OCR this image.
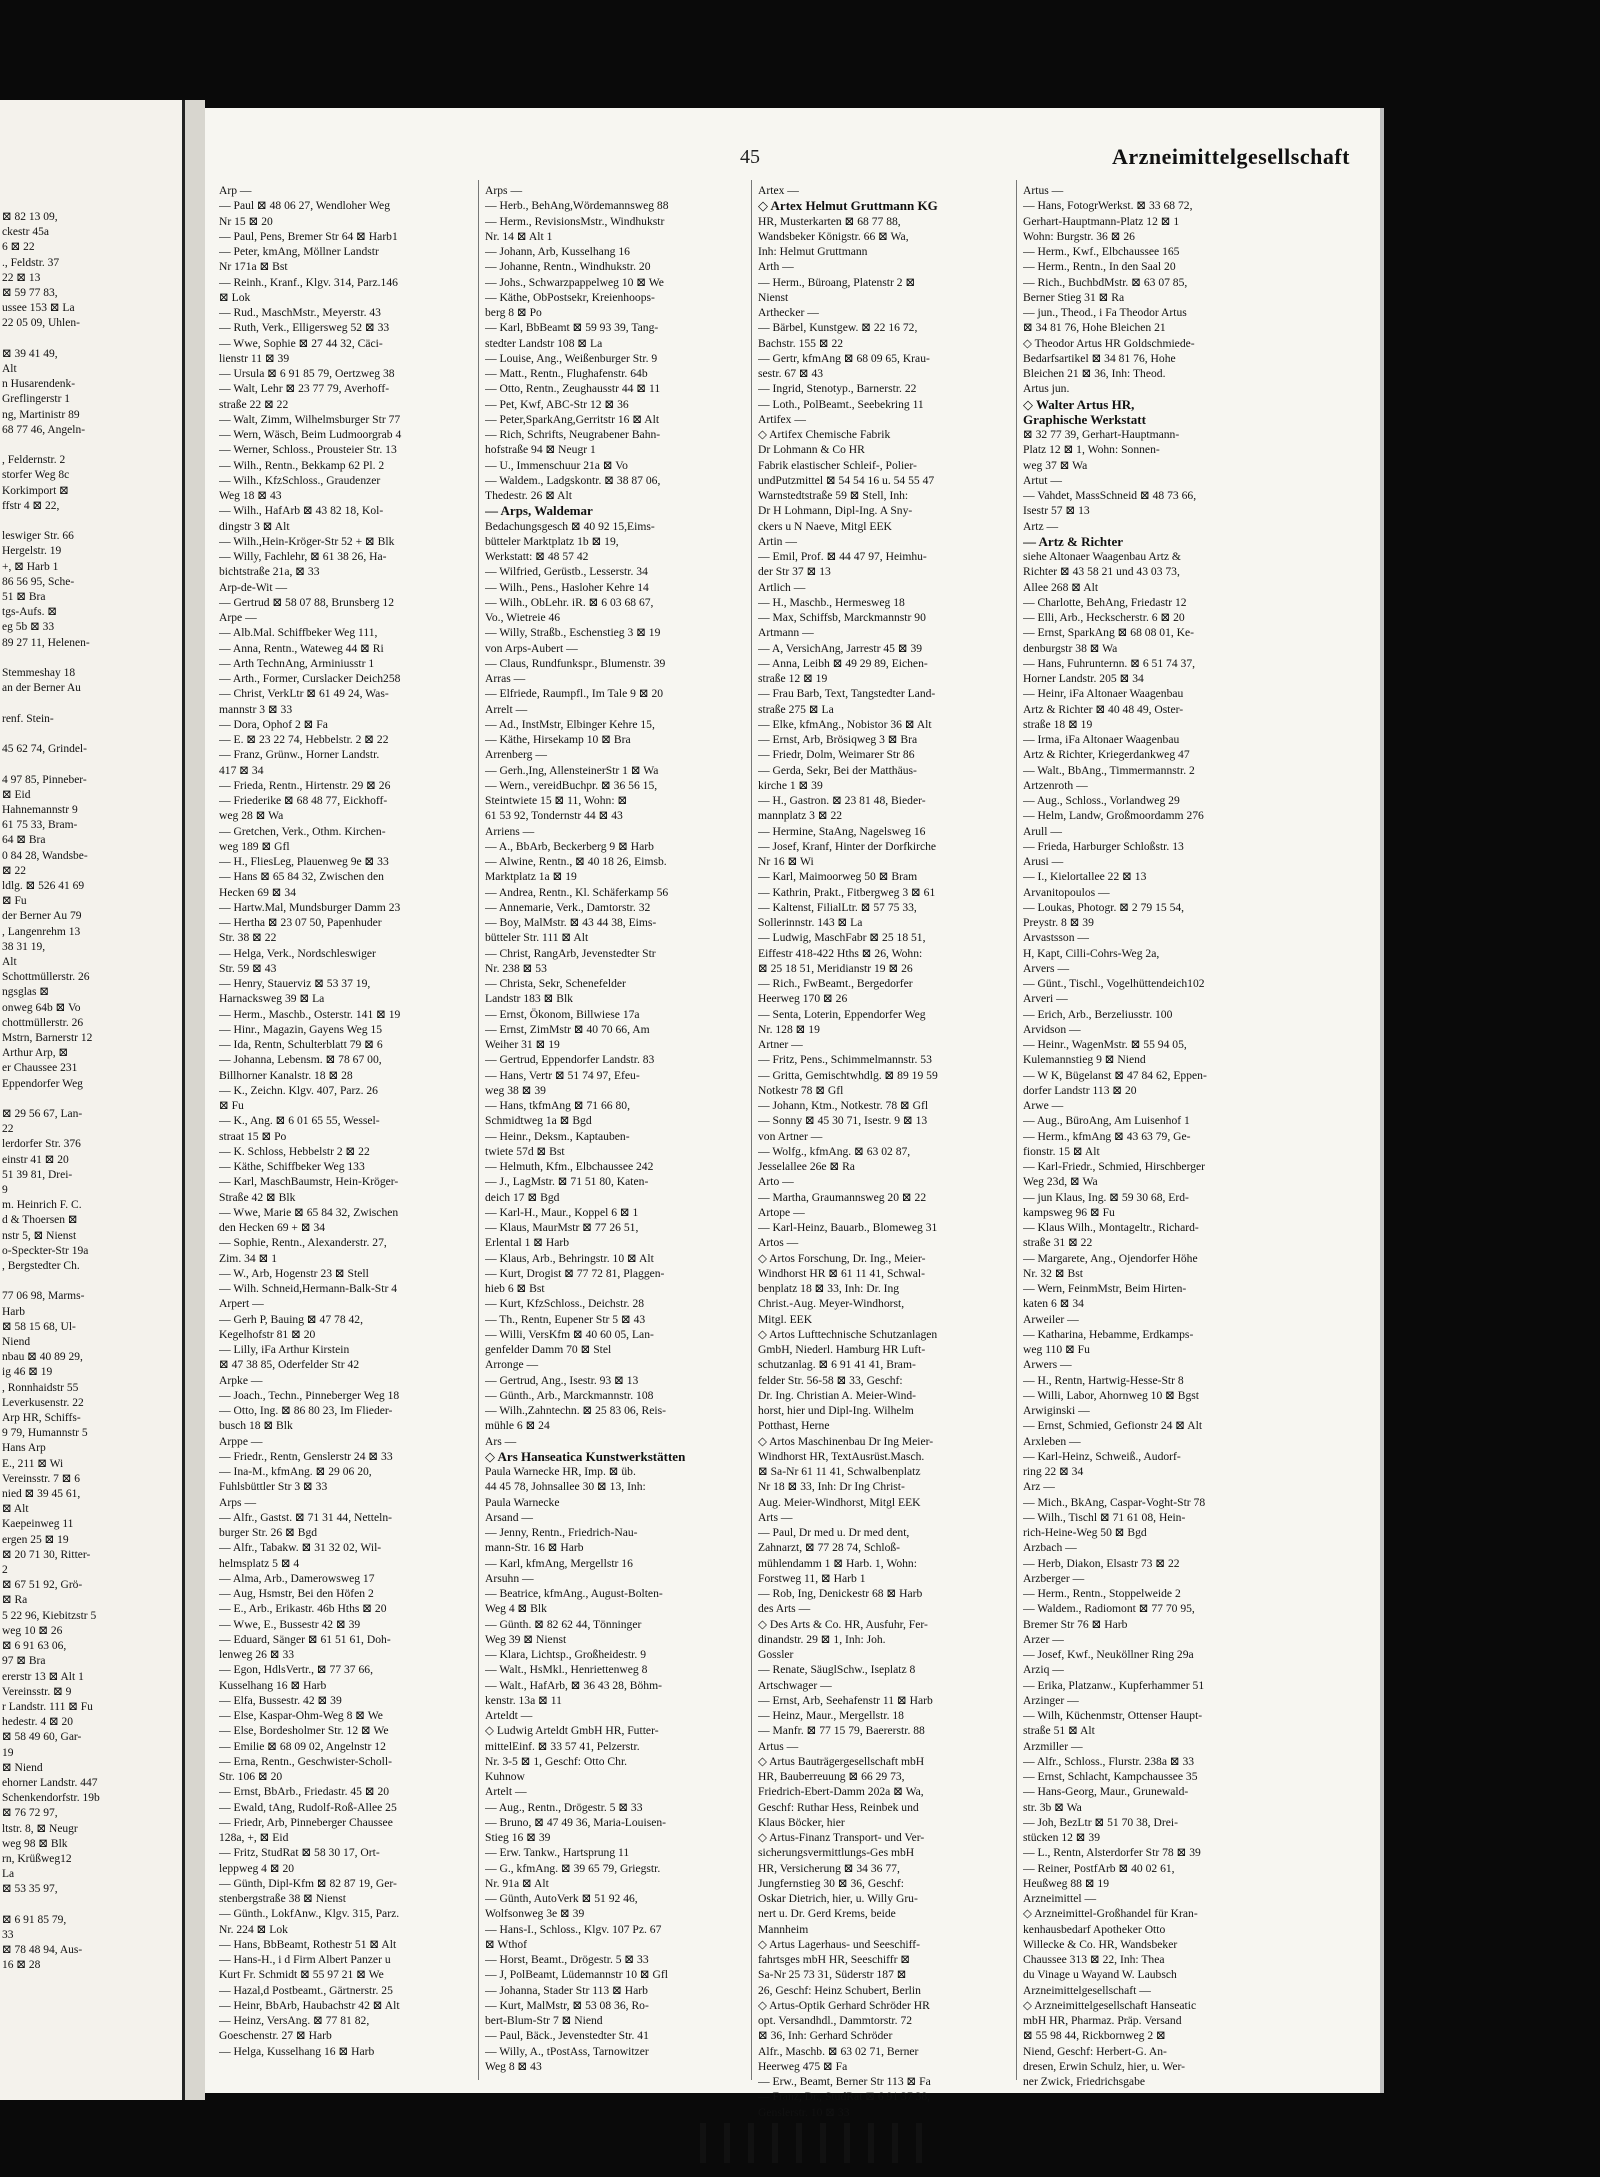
⊠ 82 13 09,
ckestr 45a
6 ⊠ 22
., Feldstr. 37
22 ⊠ 13
⊠ 59 77 83,
ussee 153 ⊠ La
22 05 09, Uhlen-

⊠ 39 41 49,
Alt
n Husarendenk-
Greflingerstr 1
ng, Martinistr 89
68 77 46, Angeln-

, Feldernstr. 2
storfer Weg 8c
Korkimport ⊠
ffstr 4 ⊠ 22,

leswiger Str. 66
Hergelstr. 19
+, ⊠ Harb 1
86 56 95, Sche-
51 ⊠ Bra
tgs-Aufs. ⊠
eg 5b ⊠ 33
89 27 11, Helenen-

Stemmeshay 18
an der Berner Au

renf. Stein-

45 62 74, Grindel-

4 97 85, Pinneber-
⊠ Eid
Hahnemannstr 9
61 75 33, Bram-
64 ⊠ Bra
0 84 28, Wandsbe-
⊠ 22
ldlg. ⊠ 526 41 69
⊠ Fu
der Berner Au 79
, Langenrehm 13
38 31 19,
Alt
Schottmüllerstr. 26
ngsglas ⊠
onweg 64b ⊠ Vo
chottmüllerstr. 26
Mstrn, Barnerstr 12
Arthur Arp, ⊠
er Chaussee 231
Eppendorfer Weg

⊠ 29 56 67, Lan-
22
lerdorfer Str. 376
einstr 41 ⊠ 20
51 39 81, Drei-
9
m. Heinrich F. C.
d & Thoersen ⊠
nstr 5, ⊠ Nienst
o-Speckter-Str 19a
, Bergstedter Ch.

77 06 98, Marms-
Harb
⊠ 58 15 68, Ul-
Niend
nbau ⊠ 40 89 29,
ig 46 ⊠ 19
, Ronnhaidstr 55
Leverkusenstr. 22
Arp HR, Schiffs-
9 79, Humannstr 5
Hans Arp
E., 211 ⊠ Wi
Vereinsstr. 7 ⊠ 6
nied ⊠ 39 45 61,
⊠ Alt
Kaepeinweg 11
ergen 25 ⊠ 19
⊠ 20 71 30, Ritter-
2
⊠ 67 51 92, Grö-
⊠ Ra
5 22 96, Kiebitzstr 5
weg 10 ⊠ 26
⊠ 6 91 63 06,
97 ⊠ Bra
ererstr 13 ⊠ Alt 1
Vereinsstr. ⊠ 9
r Landstr. 111 ⊠ Fu
hedestr. 4 ⊠ 20
⊠ 58 49 60, Gar-
19
⊠ Niend
ehorner Landstr. 447
Schenkendorfstr. 19b
⊠ 76 72 97,
ltstr. 8, ⊠ Neugr
weg 98 ⊠ Blk
rn, Krüßweg12
La
⊠ 53 35 97,

⊠ 6 91 85 79,
33
⊠ 78 48 94, Aus-
16 ⊠ 28
45	Arzneimittelgesellschaft
Arp —
— Paul ⊠ 48 06 27, Wendloher Weg
Nr 15 ⊠ 20
— Paul, Pens, Bremer Str 64 ⊠ Harb1
— Peter, kmAng, Möllner Landstr
Nr 171a ⊠ Bst
— Reinh., Kranf., Klgv. 314, Parz.146
⊠ Lok
— Rud., MaschMstr., Meyerstr. 43
— Ruth, Verk., Elligersweg 52 ⊠ 33
— Wwe, Sophie ⊠ 27 44 32, Cäci-
lienstr 11 ⊠ 39
— Ursula ⊠ 6 91 85 79, Oertzweg 38
— Walt, Lehr ⊠ 23 77 79, Averhoff-
straße 22 ⊠ 22
— Walt, Zimm, Wilhelmsburger Str 77
— Wern, Wäsch, Beim Ludmoorgrab 4
— Werner, Schloss., Prousteier Str. 13
— Wilh., Rentn., Bekkamp 62 Pl. 2
— Wilh., KfzSchloss., Graudenzer
Weg 18 ⊠ 43
— Wilh., HafArb ⊠ 43 82 18, Kol-
dingstr 3 ⊠ Alt
— Wilh.,Hein-Kröger-Str 52 + ⊠ Blk
— Willy, Fachlehr, ⊠ 61 38 26, Ha-
bichtstraße 21a, ⊠ 33
Arp-de-Wit —
— Gertrud ⊠ 58 07 88, Brunsberg 12
Arpe —
— Alb.Mal. Schiffbeker Weg 111,
— Anna, Rentn., Wateweg 44 ⊠ Ri
— Arth TechnAng, Arminiusstr 1
— Arth., Former, Curslacker Deich258
— Christ, VerkLtr ⊠ 61 49 24, Was-
mannstr 3 ⊠ 33
— Dora, Ophof 2 ⊠ Fa
— E. ⊠ 23 22 74, Hebbelstr. 2 ⊠ 22
— Franz, Grünw., Horner Landstr.
417 ⊠ 34
— Frieda, Rentn., Hirtenstr. 29 ⊠ 26
— Friederike ⊠ 68 48 77, Eickhoff-
weg 28 ⊠ Wa
— Gretchen, Verk., Othm. Kirchen-
weg 189 ⊠ Gfl
— H., FliesLeg, Plauenweg 9e ⊠ 33
— Hans ⊠ 65 84 32, Zwischen den
Hecken 69 ⊠ 34
— Hartw.Mal, Mundsburger Damm 23
— Hertha ⊠ 23 07 50, Papenhuder
Str. 38 ⊠ 22
— Helga, Verk., Nordschleswiger
Str. 59 ⊠ 43
— Henry, Stauerviz ⊠ 53 37 19,
Harnacksweg 39 ⊠ La
— Herm., Maschb., Osterstr. 141 ⊠ 19
— Hinr., Magazin, Gayens Weg 15
— Ida, Rentn, Schulterblatt 79 ⊠ 6
— Johanna, Lebensm. ⊠ 78 67 00,
Billhorner Kanalstr. 18 ⊠ 28
— K., Zeichn. Klgv. 407, Parz. 26
⊠ Fu
— K., Ang. ⊠ 6 01 65 55, Wessel-
straat 15 ⊠ Po
— K. Schloss, Hebbelstr 2 ⊠ 22
— Käthe, Schiffbeker Weg 133
— Karl, MaschBaumstr, Hein-Kröger-
Straße 42 ⊠ Blk
— Wwe, Marie ⊠ 65 84 32, Zwischen
den Hecken 69 + ⊠ 34
— Sophie, Rentn., Alexanderstr. 27,
Zim. 34 ⊠ 1
— W., Arb, Hogenstr 23 ⊠ Stell
— Wilh. Schneid,Hermann-Balk-Str 4
Arpert —
— Gerh P, Bauing ⊠ 47 78 42,
Kegelhofstr 81 ⊠ 20
— Lilly, iFa Arthur Kirstein
⊠ 47 38 85, Oderfelder Str 42
Arpke —
— Joach., Techn., Pinneberger Weg 18
— Otto, Ing. ⊠ 86 80 23, Im Flieder-
busch 18 ⊠ Blk
Arppe —
— Friedr., Rentn, Genslerstr 24 ⊠ 33
— Ina-M., kfmAng. ⊠ 29 06 20,
Fuhlsbüttler Str 3 ⊠ 33
Arps —
— Alfr., Gastst. ⊠ 71 31 44, Netteln-
burger Str. 26 ⊠ Bgd
— Alfr., Tabakw. ⊠ 31 32 02, Wil-
helmsplatz 5 ⊠ 4
— Alma, Arb., Damerowsweg 17
— Aug, Hsmstr, Bei den Höfen 2
— E., Arb., Erikastr. 46b Hths ⊠ 20
— Wwe, E., Bussestr 42 ⊠ 39
— Eduard, Sänger ⊠ 61 51 61, Doh-
lenweg 26 ⊠ 33
— Egon, HdlsVertr., ⊠ 77 37 66,
Kusselhang 16 ⊠ Harb
— Elfa, Bussestr. 42 ⊠ 39
— Else, Kaspar-Ohm-Weg 8 ⊠ We
— Else, Bordesholmer Str. 12 ⊠ We
— Emilie ⊠ 68 09 02, Angelnstr 12
— Erna, Rentn., Geschwister-Scholl-
Str. 106 ⊠ 20
— Ernst, BbArb., Friedastr. 45 ⊠ 20
— Ewald, tAng, Rudolf-Roß-Allee 25
— Friedr, Arb, Pinneberger Chaussee
128a, +, ⊠ Eid
— Fritz, StudRat ⊠ 58 30 17, Ort-
leppweg 4 ⊠ 20
— Günth, Dipl-Kfm ⊠ 82 87 19, Ger-
stenbergstraße 38 ⊠ Nienst
— Günth., LokfAnw., Klgv. 315, Parz.
Nr. 224 ⊠ Lok
— Hans, BbBeamt, Rothestr 51 ⊠ Alt
— Hans-H., i d Firm Albert Panzer u
Kurt Fr. Schmidt ⊠ 55 97 21 ⊠ We
— Hazal,d Postbeamt., Gärtnerstr. 25
— Heinr, BbArb, Haubachstr 42 ⊠ Alt
— Heinz, VersAng. ⊠ 77 81 82,
Goeschenstr. 27 ⊠ Harb
— Helga, Kusselhang 16 ⊠ Harb
Arps —
— Herb., BehAng,Wördemannsweg 88
— Herm., RevisionsMstr., Windhukstr
Nr. 14 ⊠ Alt 1
— Johann, Arb, Kusselhang 16
— Johanne, Rentn., Windhukstr. 20
— Johs., Schwarzpappelweg 10 ⊠ We
— Käthe, ObPostsekr, Kreienhoops-
berg 8 ⊠ Po
— Karl, BbBeamt ⊠ 59 93 39, Tang-
stedter Landstr 108 ⊠ La
— Louise, Ang., Weißenburger Str. 9
— Matt., Rentn., Flughafenstr. 64b
— Otto, Rentn., Zeughausstr 44 ⊠ 11
— Pet, Kwf, ABC-Str 12 ⊠ 36
— Peter,SparkAng,Gerritstr 16 ⊠ Alt
— Rich, Schrifts, Neugrabener Bahn-
hofstraße 94 ⊠ Neugr 1
— U., Immenschuur 21a ⊠ Vo
— Waldem., Ladgskontr. ⊠ 38 87 06,
Thedestr. 26 ⊠ Alt
— Arps, Waldemar
Bedachungsgesch ⊠ 40 92 15,Eims-
bütteler Marktplatz 1b ⊠ 19,
Werkstatt: ⊠ 48 57 42
— Wilfried, Gerüstb., Lesserstr. 34
— Wilh., Pens., Hasloher Kehre 14
— Wilh., ObLehr. iR. ⊠ 6 03 68 67,
Vo., Wietreie 46
— Willy, Straßb., Eschenstieg 3 ⊠ 19
von Arps-Aubert —
— Claus, Rundfunkspr., Blumenstr. 39
Arras —
— Elfriede, Raumpfl., Im Tale 9 ⊠ 20
Arrelt —
— Ad., InstMstr, Elbinger Kehre 15,
— Käthe, Hirsekamp 10 ⊠ Bra
Arrenberg —
— Gerh.,Ing, AllensteinerStr 1 ⊠ Wa
— Wern., vereidBuchpr. ⊠ 36 56 15,
Steintwiete 15 ⊠ 11, Wohn: ⊠
61 53 92, Tondernstr 44 ⊠ 43
Arriens —
— A., BbArb, Beckerberg 9 ⊠ Harb
— Alwine, Rentn., ⊠ 40 18 26, Eimsb.
Marktplatz 1a ⊠ 19
— Andrea, Rentn., Kl. Schäferkamp 56
— Annemarie, Verk., Damtorstr. 32
— Boy, MalMstr. ⊠ 43 44 38, Eims-
bütteler Str. 111 ⊠ Alt
— Christ, RangArb, Jevenstedter Str
Nr. 238 ⊠ 53
— Christa, Sekr, Schenefelder
Landstr 183 ⊠ Blk
— Ernst, Ökonom, Billwiese 17a
— Ernst, ZimMstr ⊠ 40 70 66, Am
Weiher 31 ⊠ 19
— Gertrud, Eppendorfer Landstr. 83
— Hans, Vertr ⊠ 51 74 97, Efeu-
weg 38 ⊠ 39
— Hans, tkfmAng ⊠ 71 66 80,
Schmidtweg 1a ⊠ Bgd
— Heinr., Deksm., Kaptauben-
twiete 57d ⊠ Bst
— Helmuth, Kfm., Elbchaussee 242
— J., LagMstr. ⊠ 71 51 80, Katen-
deich 17 ⊠ Bgd
— Karl-H., Maur., Koppel 6 ⊠ 1
— Klaus, MaurMstr ⊠ 77 26 51,
Erlental 1 ⊠ Harb
— Klaus, Arb., Behringstr. 10 ⊠ Alt
— Kurt, Drogist ⊠ 77 72 81, Plaggen-
hieb 6 ⊠ Bst
— Kurt, KfzSchloss., Deichstr. 28
— Th., Rentn, Eupener Str 5 ⊠ 43
— Willi, VersKfm ⊠ 40 60 05, Lan-
genfelder Damm 70 ⊠ Stel
Arronge —
— Gertrud, Ang., Isestr. 93 ⊠ 13
— Günth., Arb., Marckmannstr. 108
— Wilh.,Zahntechn. ⊠ 25 83 06, Reis-
mühle 6 ⊠ 24
Ars —
◇ Ars Hanseatica Kunstwerkstätten
Paula Warnecke HR, Imp. ⊠ üb.
44 45 78, Johnsallee 30 ⊠ 13, Inh:
Paula Warnecke
Arsand —
— Jenny, Rentn., Friedrich-Nau-
mann-Str. 16 ⊠ Harb
— Karl, kfmAng, Mergellstr 16
Arsuhn —
— Beatrice, kfmAng., August-Bolten-
Weg 4 ⊠ Blk
— Günth. ⊠ 82 62 44, Tönninger
Weg 39 ⊠ Nienst
— Klara, Lichtsp., Großheidestr. 9
— Walt., HsMkl., Henriettenweg 8
— Walt., HafArb, ⊠ 36 43 28, Böhm-
kenstr. 13a ⊠ 11
Arteldt —
◇ Ludwig Arteldt GmbH HR, Futter-
mittelEinf. ⊠ 33 57 41, Pelzerstr.
Nr. 3-5 ⊠ 1, Geschf: Otto Chr.
Kuhnow
Artelt —
— Aug., Rentn., Drögestr. 5 ⊠ 33
— Bruno, ⊠ 47 49 36, Maria-Louisen-
Stieg 16 ⊠ 39
— Erw. Tankw., Hartsprung 11
— G., kfmAng. ⊠ 39 65 79, Griegstr.
Nr. 91a ⊠ Alt
— Günth, AutoVerk ⊠ 51 92 46,
Wolfsonweg 3e ⊠ 39
— Hans-I., Schloss., Klgv. 107 Pz. 67
⊠ Wthof
— Horst, Beamt., Drögestr. 5 ⊠ 33
— J, PolBeamt, Lüdemannstr 10 ⊠ Gfl
— Johanna, Stader Str 113 ⊠ Harb
— Kurt, MalMstr, ⊠ 53 08 36, Ro-
bert-Blum-Str 7 ⊠ Niend
— Paul, Bäck., Jevenstedter Str. 41
— Willy, A., tPostAss, Tarnowitzer
Weg 8 ⊠ 43
Artex —
◇ Artex Helmut Gruttmann KG
HR, Musterkarten ⊠ 68 77 88,
Wandsbeker Königstr. 66 ⊠ Wa,
Inh: Helmut Gruttmann
Arth —
— Herm., Büroang, Platenstr 2 ⊠
Nienst
Arthecker —
— Bärbel, Kunstgew. ⊠ 22 16 72,
Bachstr. 155 ⊠ 22
— Gertr, kfmAng ⊠ 68 09 65, Krau-
sestr. 67 ⊠ 43
— Ingrid, Stenotyp., Barnerstr. 22
— Loth., PolBeamt., Seebekring 11
Artifex —
◇ Artifex Chemische Fabrik
Dr Lohmann & Co HR
Fabrik elastischer Schleif-, Polier-
undPutzmittel ⊠ 54 54 16 u. 54 55 47
Warnstedtstraße 59 ⊠ Stell, Inh:
Dr H Lohmann, Dipl-Ing. A Sny-
ckers u N Naeve, Mitgl EEK
Artin —
— Emil, Prof. ⊠ 44 47 97, Heimhu-
der Str 37 ⊠ 13
Artlich —
— H., Maschb., Hermesweg 18
— Max, Schiffsb, Marckmannstr 90
Artmann —
— A, VersichAng, Jarrestr 45 ⊠ 39
— Anna, Leibh ⊠ 49 29 89, Eichen-
straße 12 ⊠ 19
— Frau Barb, Text, Tangstedter Land-
straße 275 ⊠ La
— Elke, kfmAng., Nobistor 36 ⊠ Alt
— Ernst, Arb, Brösiqweg 3 ⊠ Bra
— Friedr, Dolm, Weimarer Str 86
— Gerda, Sekr, Bei der Matthäus-
kirche 1 ⊠ 39
— H., Gastron. ⊠ 23 81 48, Bieder-
mannplatz 3 ⊠ 22
— Hermine, StaAng, Nagelsweg 16
— Josef, Kranf, Hinter der Dorfkirche
Nr 16 ⊠ Wi
— Karl, Maimoorweg 50 ⊠ Bram
— Kathrin, Prakt., Fitbergweg 3 ⊠ 61
— Kaltenst, FilialLtr. ⊠ 57 75 33,
Sollerinnstr. 143 ⊠ La
— Ludwig, MaschFabr ⊠ 25 18 51,
Eiffestr 418-422 Hths ⊠ 26, Wohn:
⊠ 25 18 51, Meridianstr 19 ⊠ 26
— Rich., FwBeamt., Bergedorfer
Heerweg 170 ⊠ 26
— Senta, Loterin, Eppendorfer Weg
Nr. 128 ⊠ 19
Artner —
— Fritz, Pens., Schimmelmannstr. 53
— Gritta, Gemischtwhdlg. ⊠ 89 19 59
Notkestr 78 ⊠ Gfl
— Johann, Ktm., Notkestr. 78 ⊠ Gfl
— Sonny ⊠ 45 30 71, Isestr. 9 ⊠ 13
von Artner —
— Wolfg., kfmAng. ⊠ 63 02 87,
Jesselallee 26e ⊠ Ra
Arto —
— Martha, Graumannsweg 20 ⊠ 22
Artope —
— Karl-Heinz, Bauarb., Blomeweg 31
Artos —
◇ Artos Forschung, Dr. Ing., Meier-
Windhorst HR ⊠ 61 11 41, Schwal-
benplatz 18 ⊠ 33, Inh: Dr. Ing
Christ.-Aug. Meyer-Windhorst,
Mitgl. EEK
◇ Artos Lufttechnische Schutzanlagen
GmbH, Niederl. Hamburg HR Luft-
schutzanlag. ⊠ 6 91 41 41, Bram-
felder Str. 56-58 ⊠ 33, Geschf:
Dr. Ing. Christian A. Meier-Wind-
horst, hier und Dipl-Ing. Wilhelm
Potthast, Herne
◇ Artos Maschinenbau Dr Ing Meier-
Windhorst HR, TextAusrüst.Masch.
⊠ Sa-Nr 61 11 41, Schwalbenplatz
Nr 18 ⊠ 33, Inh: Dr Ing Christ-
Aug. Meier-Windhorst, Mitgl EEK
Arts —
— Paul, Dr med u. Dr med dent,
Zahnarzt, ⊠ 77 28 74, Schloß-
mühlendamm 1 ⊠ Harb. 1, Wohn:
Forstweg 11, ⊠ Harb 1
— Rob, Ing, Denickestr 68 ⊠ Harb
des Arts —
◇ Des Arts & Co. HR, Ausfuhr, Fer-
dinandstr. 29 ⊠ 1, Inh: Joh.
Gossler
— Renate, SäuglSchw., Iseplatz 8
Artschwager —
— Ernst, Arb, Seehafenstr 11 ⊠ Harb
— Heinz, Maur., Mergellstr. 18
— Manfr. ⊠ 77 15 79, Baererstr. 88
Artus —
◇ Artus Bauträgergesellschaft mbH
HR, Bauberreuung ⊠ 66 29 73,
Friedrich-Ebert-Damm 202a ⊠ Wa,
Geschf: Ruthar Hess, Reinbek und
Klaus Böcker, hier
◇ Artus-Finanz Transport- und Ver-
sicherungsvermittlungs-Ges mbH
HR, Versicherung ⊠ 34 36 77,
Jungfernstieg 30 ⊠ 36, Geschf:
Oskar Dietrich, hier, u. Willy Gru-
nert u. Dr. Gerd Krems, beide
Mannheim
◇ Artus Lagerhaus- und Seeschiff-
fahrtsges mbH HR, Seeschiffr ⊠
Sa-Nr 25 73 31, Süderstr 187 ⊠
26, Geschf: Heinz Schubert, Berlin
◇ Artus-Optik Gerhard Schröder HR
opt. Versandhdl., Dammtorstr. 72
⊠ 36, Inh: Gerhard Schröder
Alfr., Maschb. ⊠ 63 02 71, Berner
Heerweg 475 ⊠ Fa
— Erw., Beamt, Berner Str 113 ⊠ Fa
— Franz, Dr., StudRat ⊠ 6 91 37 38,
Genslerstr. 10 ⊠ 33
Artus —
— Hans, FotogrWerkst. ⊠ 33 68 72,
Gerhart-Hauptmann-Platz 12 ⊠ 1
Wohn: Burgstr. 36 ⊠ 26
— Herm., Kwf., Elbchaussee 165
— Herm., Rentn., In den Saal 20
— Rich., BuchbdMstr. ⊠ 63 07 85,
Berner Stieg 31 ⊠ Ra
— jun., Theod., i Fa Theodor Artus
⊠ 34 81 76, Hohe Bleichen 21
◇ Theodor Artus HR Goldschmiede-
Bedarfsartikel ⊠ 34 81 76, Hohe
Bleichen 21 ⊠ 36, Inh: Theod.
Artus jun.
◇ Walter Artus HR,
Graphische Werkstatt
⊠ 32 77 39, Gerhart-Hauptmann-
Platz 12 ⊠ 1, Wohn: Sonnen-
weg 37 ⊠ Wa
Artut —
— Vahdet, MassSchneid ⊠ 48 73 66,
Isestr 57 ⊠ 13
Artz —
— Artz & Richter
siehe Altonaer Waagenbau Artz &
Richter ⊠ 43 58 21 und 43 03 73,
Allee 268 ⊠ Alt
— Charlotte, BehAng, Friedastr 12
— Elli, Arb., Heckscherstr. 6 ⊠ 20
— Ernst, SparkAng ⊠ 68 08 01, Ke-
denburgstr 38 ⊠ Wa
— Hans, Fuhrunternn. ⊠ 6 51 74 37,
Horner Landstr. 205 ⊠ 34
— Heinr, iFa Altonaer Waagenbau
Artz & Richter ⊠ 40 48 49, Oster-
straße 18 ⊠ 19
— Irma, iFa Altonaer Waagenbau
Artz & Richter, Kriegerdankweg 47
— Walt., BbAng., Timmermannstr. 2
Artzenroth —
— Aug., Schloss., Vorlandweg 29
— Helm, Landw, Großmoordamm 276
Arull —
— Frieda, Harburger Schloßstr. 13
Arusi —
— I., Kielortallee 22 ⊠ 13
Arvanitopoulos —
— Loukas, Photogr. ⊠ 2 79 15 54,
Preystr. 8 ⊠ 39
Arvastsson —
H, Kapt, Cilli-Cohrs-Weg 2a,
Arvers —
— Günt., Tischl., Vogelhüttendeich102
Arveri —
— Erich, Arb., Berzeliusstr. 100
Arvidson —
— Heinr., WagenMstr. ⊠ 55 94 05,
Kulemannstieg 9 ⊠ Niend
— W K, Bügelanst ⊠ 47 84 62, Eppen-
dorfer Landstr 113 ⊠ 20
Arwe —
— Aug., BüroAng, Am Luisenhof 1
— Herm., kfmAng ⊠ 43 63 79, Ge-
fionstr. 15 ⊠ Alt
— Karl-Friedr., Schmied, Hirschberger
Weg 23d, ⊠ Wa
— jun Klaus, Ing. ⊠ 59 30 68, Erd-
kampsweg 96 ⊠ Fu
— Klaus Wilh., Montageltr., Richard-
straße 31 ⊠ 22
— Margarete, Ang., Ojendorfer Höhe
Nr. 32 ⊠ Bst
— Wern, FeinmMstr, Beim Hirten-
katen 6 ⊠ 34
Arweiler —
— Katharina, Hebamme, Erdkamps-
weg 110 ⊠ Fu
Arwers —
— H., Rentn, Hartwig-Hesse-Str 8
— Willi, Labor, Ahornweg 10 ⊠ Bgst
Arwiginski —
— Ernst, Schmied, Gefionstr 24 ⊠ Alt
Arxleben —
— Karl-Heinz, Schweiß., Audorf-
ring 22 ⊠ 34
Arz —
— Mich., BkAng, Caspar-Voght-Str 78
— Wilh., Tischl ⊠ 71 61 08, Hein-
rich-Heine-Weg 50 ⊠ Bgd
Arzbach —
— Herb, Diakon, Elsastr 73 ⊠ 22
Arzberger —
— Herm., Rentn., Stoppelweide 2
— Waldem., Radiomont ⊠ 77 70 95,
Bremer Str 76 ⊠ Harb
Arzer —
— Josef, Kwf., Neuköllner Ring 29a
Arziq —
— Erika, Platzanw., Kupferhammer 51
Arzinger —
— Wilh, Küchenmstr, Ottenser Haupt-
straße 51 ⊠ Alt
Arzmiller —
— Alfr., Schloss., Flurstr. 238a ⊠ 33
— Ernst, Schlacht, Kampchaussee 35
— Hans-Georg, Maur., Grunewald-
str. 3b ⊠ Wa
— Joh, BezLtr ⊠ 51 70 38, Drei-
stücken 12 ⊠ 39
— L., Rentn, Alsterdorfer Str 78 ⊠ 39
— Reiner, PostfArb ⊠ 40 02 61,
Heußweg 88 ⊠ 19
Arzneimittel —
◇ Arzneimittel-Großhandel für Kran-
kenhausbedarf Apotheker Otto
Willecke & Co. HR, Wandsbeker
Chaussee 313 ⊠ 22, Inh: Thea
du Vinage u Wayand W. Laubsch
Arzneimittelgesellschaft —
◇ Arzneimittelgesellschaft Hanseatic
mbH HR, Pharmaz. Präp. Versand
⊠ 55 98 44, Rickbornweg 2 ⊠
Niend, Geschf: Herbert-G. An-
dresen, Erwin Schulz, hier, u. Wer-
ner Zwick, Friedrichsgabe
